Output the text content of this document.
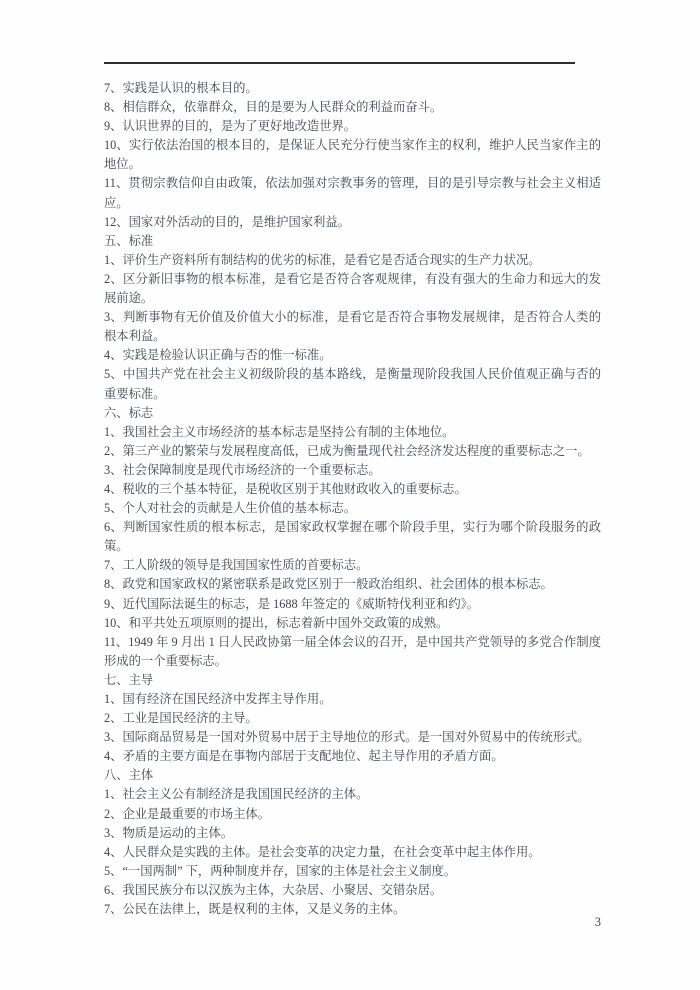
7、实践是认识的根本目的。

8、相信群众，依靠群众，目的是要为人民群众的利益而奋斗。

9、认识世界的目的，是为了更好地改造世界。

10、实行依法治国的根本目的，是保证人民充分行使当家作主的权利，维护人民当家作主的地位。

11、贯彻宗教信仰自由政策，依法加强对宗教事务的管理，目的是引导宗教与社会主义相适应。

12、国家对外活动的目的，是维护国家利益。

五、标准

1、评价生产资料所有制结构的优劣的标准，是看它是否适合现实的生产力状况。

2、区分新旧事物的根本标准，是看它是否符合客观规律，有没有强大的生命力和远大的发展前途。

3、判断事物有无价值及价值大小的标准，是看它是否符合事物发展规律，是否符合人类的根本利益。

4、实践是检验认识正确与否的惟一标准。

5、中国共产党在社会主义初级阶段的基本路线，是衡量现阶段我国人民价值观正确与否的重要标准。

六、标志

1、我国社会主义市场经济的基本标志是坚持公有制的主体地位。

2、第三产业的繁荣与发展程度高低，已成为衡量现代社会经济发达程度的重要标志之一。

3、社会保障制度是现代市场经济的一个重要标志。

4、税收的三个基本特征，是税收区别于其他财政收入的重要标志。

5、个人对社会的贡献是人生价值的基本标志。

6、判断国家性质的根本标志，是国家政权掌握在哪个阶段手里，实行为哪个阶段服务的政策。

7、工人阶级的领导是我国国家性质的首要标志。

8、政党和国家政权的紧密联系是政党区别于一般政治组织、社会团体的根本标志。

9、近代国际法诞生的标志，是 1688 年签定的《威斯特伐利亚和约》。

10、和平共处五项原则的提出，标志着新中国外交政策的成熟。

11、1949 年 9 月出 1 日人民政协第一届全体会议的召开，是中国共产党领导的多党合作制度形成的一个重要标志。

七、主导

1、国有经济在国民经济中发挥主导作用。

2、工业是国民经济的主导。

3、国际商品贸易是一国对外贸易中居于主导地位的形式。是一国对外贸易中的传统形式。

4、矛盾的主要方面是在事物内部居于支配地位、起主导作用的矛盾方面。

八、主体

1、社会主义公有制经济是我国国民经济的主体。

2、企业是最重要的市场主体。

3、物质是运动的主体。

4、人民群众是实践的主体。是社会变革的决定力量，在社会变革中起主体作用。

5、“一国两制” 下，两种制度并存，国家的主体是社会主义制度。

6、我国民族分布以汉族为主体，大杂居、小聚居、交错杂居。

7、公民在法律上，既是权利的主体，又是义务的主体。

3
